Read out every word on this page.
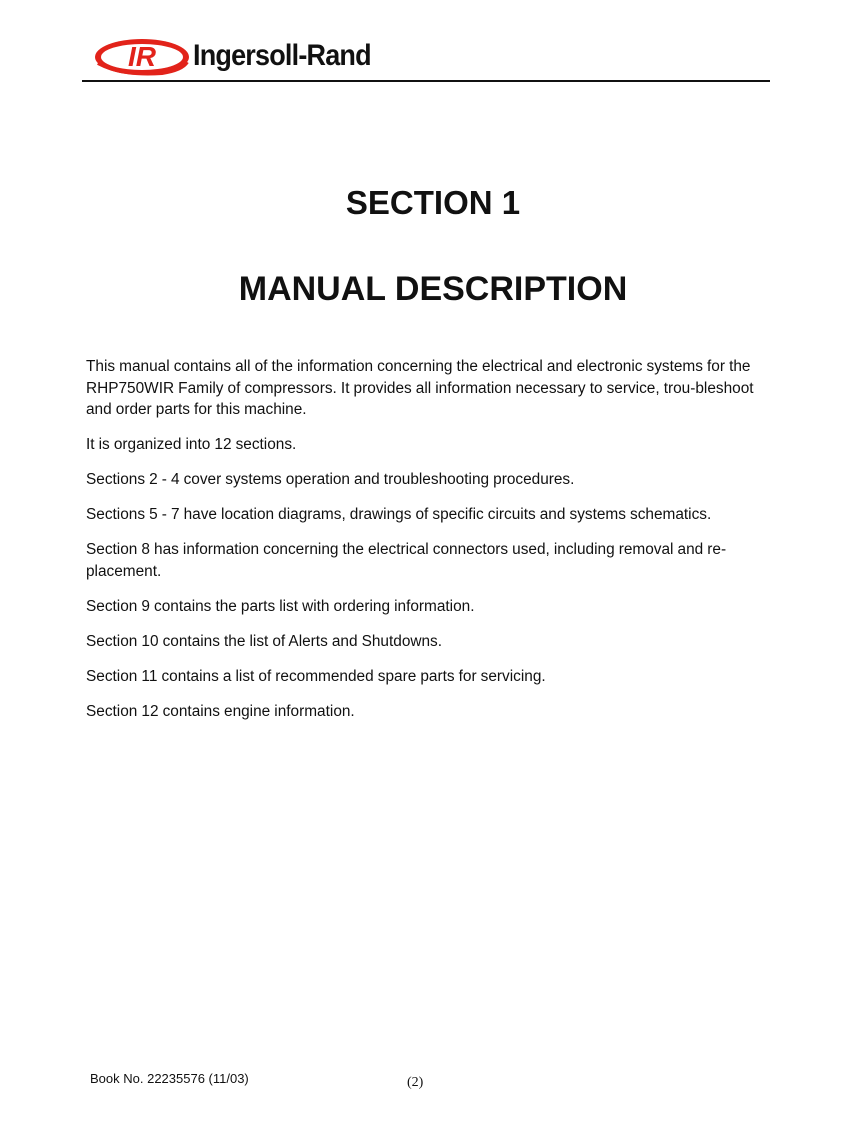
IR Ingersoll-Rand
SECTION 1
MANUAL DESCRIPTION

This manual contains all of the information concerning the electrical and electronic systems for the RHP750WIR Family of compressors. It provides all information necessary to service, trou-bleshoot and order parts for this machine.

It is organized into 12 sections.

Sections 2 - 4 cover systems operation and troubleshooting procedures.

Sections 5 - 7 have location diagrams, drawings of specific circuits and systems schematics.

Section 8 has information concerning the electrical connectors used, including removal and re-placement.

Section 9 contains the parts list with ordering information.

Section 10 contains the list of Alerts and Shutdowns.

Section 11 contains a list of recommended spare parts for servicing.

Section 12 contains engine information.

Book No. 22235576 (11/03)	(2)
